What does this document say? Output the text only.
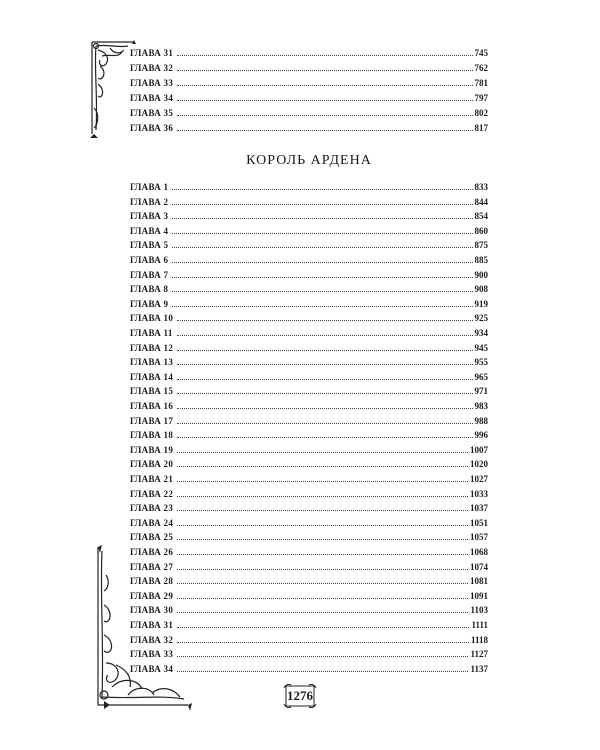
ГЛАВА 31	745
ГЛАВА 32	762
ГЛАВА 33	781
ГЛАВА 34	797
ГЛАВА 35	802
ГЛАВА 36	817
КОРОЛЬ АРДЕНА
ГЛАВА 1	833
ГЛАВА 2	844
ГЛАВА 3	854
ГЛАВА 4	860
ГЛАВА 5	875
ГЛАВА 6	885
ГЛАВА 7	900
ГЛАВА 8	908
ГЛАВА 9	919
ГЛАВА 10	925
ГЛАВА 11	934
ГЛАВА 12	945
ГЛАВА 13	955
ГЛАВА 14	965
ГЛАВА 15	971
ГЛАВА 16	983
ГЛАВА 17	988
ГЛАВА 18	996
ГЛАВА 19	1007
ГЛАВА 20	1020
ГЛАВА 21	1027
ГЛАВА 22	1033
ГЛАВА 23	1037
ГЛАВА 24	1051
ГЛАВА 25	1057
ГЛАВА 26	1068
ГЛАВА 27	1074
ГЛАВА 28	1081
ГЛАВА 29	1091
ГЛАВА 30	1103
ГЛАВА 31	1111
ГЛАВА 32	1118
ГЛАВА 33	1127
ГЛАВА 34	1137
1276
